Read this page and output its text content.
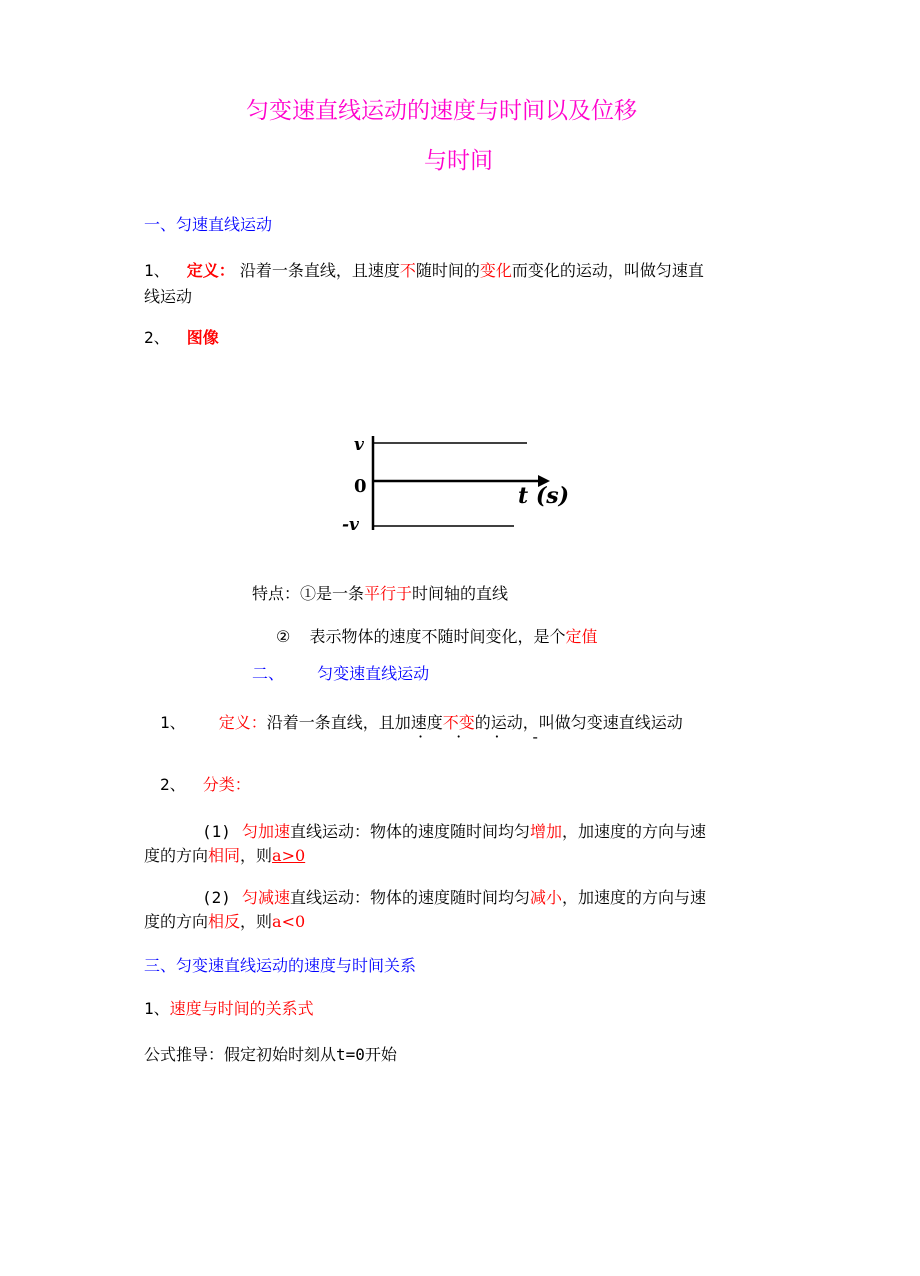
匀变速直线运动的速度与时间以及位移
与时间
一、匀速直线运动
1、 定义： 沿着一条直线，且速度不随时间的变化而变化的运动，叫做匀速直
线运动
2、 图像
v
0
-v
t (s)
特点：①是一条平行于时间轴的直线
② 表示物体的速度不随时间变化，是个定值
二、 匀变速直线运动
1、 定义：沿着一条直线，且加速度不变的运动，叫做匀变速直线运动
· · · -
2、 分类：
(1) 匀加速直线运动：物体的速度随时间均匀增加，加速度的方向与速
度的方向相同，则a>0
(2) 匀减速直线运动：物体的速度随时间均匀减小，加速度的方向与速
度的方向相反，则a<0
三、匀变速直线运动的速度与时间关系
1、速度与时间的关系式
公式推导：假定初始时刻从t=0开始
